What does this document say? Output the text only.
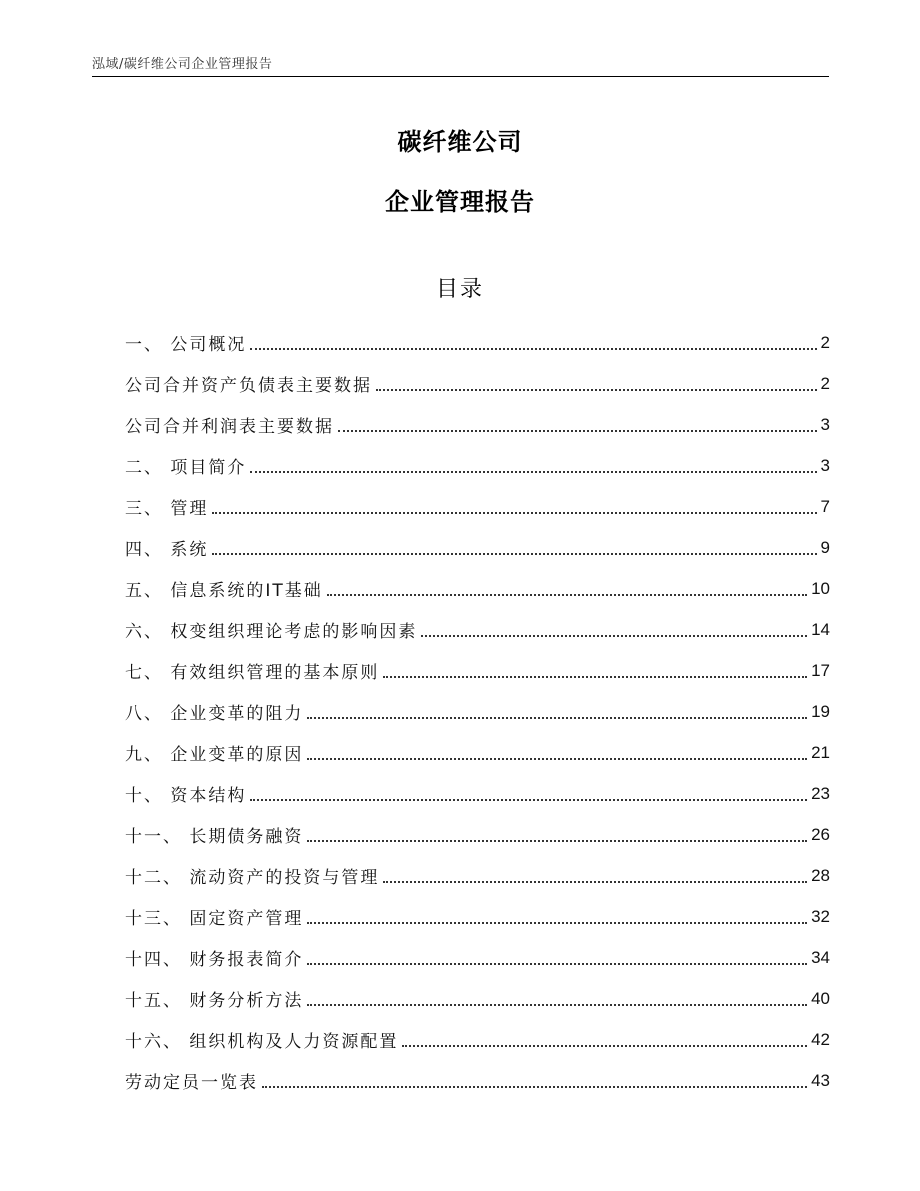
泓域/碳纤维公司企业管理报告
碳纤维公司
企业管理报告
目录
一、 公司概况	2
公司合并资产负债表主要数据	2
公司合并利润表主要数据	3
二、 项目简介	3
三、 管理	7
四、 系统	9
五、 信息系统的IT基础	10
六、 权变组织理论考虑的影响因素	14
七、 有效组织管理的基本原则	17
八、 企业变革的阻力	19
九、 企业变革的原因	21
十、 资本结构	23
十一、 长期债务融资	26
十二、 流动资产的投资与管理	28
十三、 固定资产管理	32
十四、 财务报表简介	34
十五、 财务分析方法	40
十六、 组织机构及人力资源配置	42
劳动定员一览表	43
